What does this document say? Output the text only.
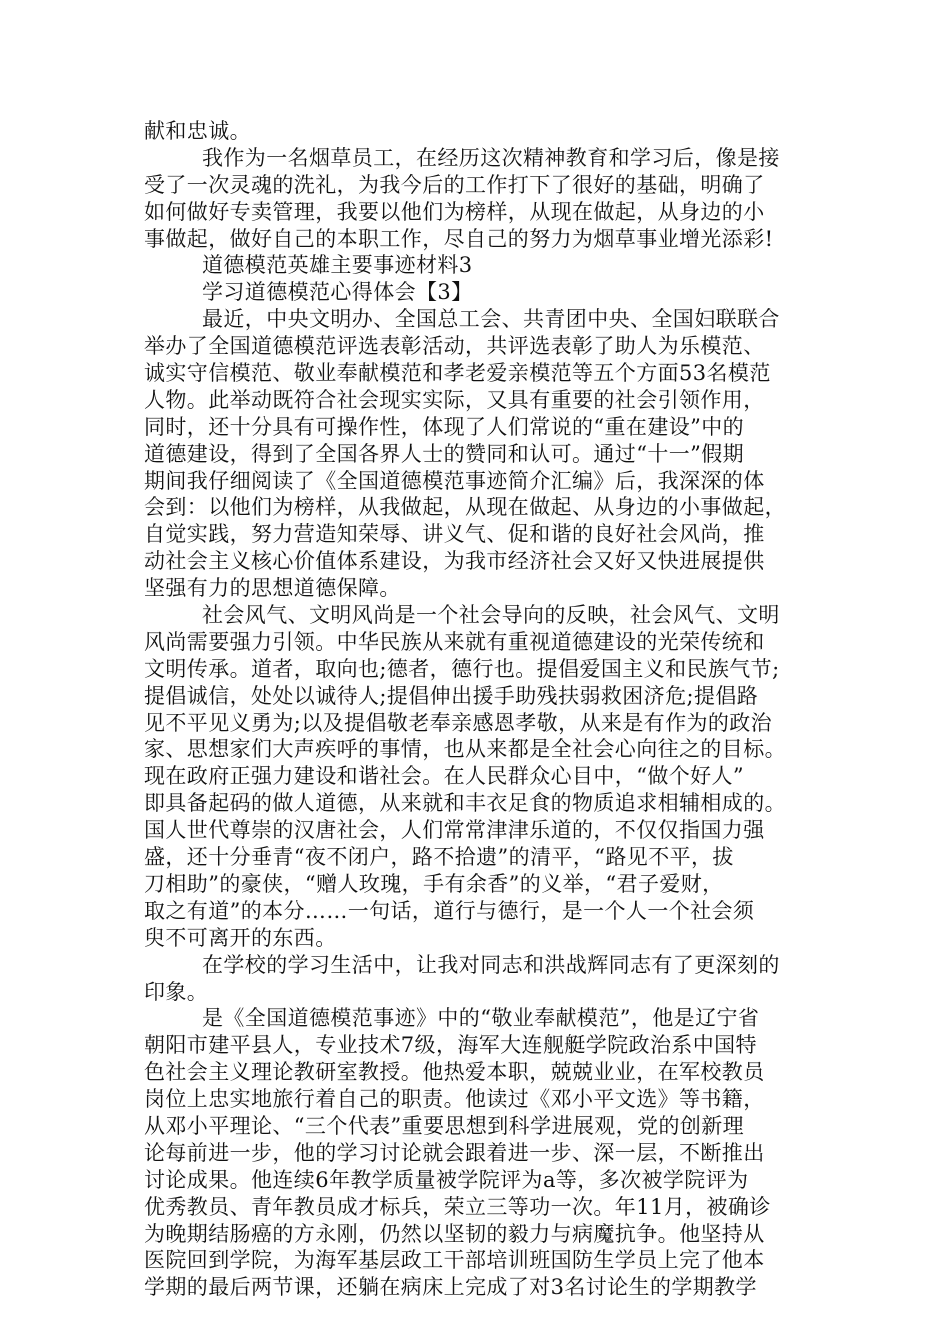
献和忠诚。
我作为一名烟草员工，在经历这次精神教育和学习后，像是接
受了一次灵魂的洗礼，为我今后的工作打下了很好的基础，明确了
如何做好专卖管理，我要以他们为榜样，从现在做起，从身边的小
事做起，做好自己的本职工作，尽自己的努力为烟草事业增光添彩!
道德模范英雄主要事迹材料3
学习道德模范心得体会【3】
最近，中央文明办、全国总工会、共青团中央、全国妇联联合
举办了全国道德模范评选表彰活动，共评选表彰了助人为乐模范、
诚实守信模范、敬业奉献模范和孝老爱亲模范等五个方面53名模范
人物。此举动既符合社会现实实际，又具有重要的社会引领作用，
同时，还十分具有可操作性，体现了人们常说的“重在建设”中的
道德建设，得到了全国各界人士的赞同和认可。通过“十一”假期
期间我仔细阅读了《全国道德模范事迹简介汇编》后，我深深的体
会到：以他们为榜样，从我做起，从现在做起、从身边的小事做起，
自觉实践，努力营造知荣辱、讲义气、促和谐的良好社会风尚，推
动社会主义核心价值体系建设，为我市经济社会又好又快进展提供
坚强有力的思想道德保障。
社会风气、文明风尚是一个社会导向的反映，社会风气、文明
风尚需要强力引领。中华民族从来就有重视道德建设的光荣传统和
文明传承。道者，取向也;德者，德行也。提倡爱国主义和民族气节;
提倡诚信，处处以诚待人;提倡伸出援手助残扶弱救困济危;提倡路
见不平见义勇为;以及提倡敬老奉亲感恩孝敬，从来是有作为的政治
家、思想家们大声疾呼的事情，也从来都是全社会心向往之的目标。
现在政府正强力建设和谐社会。在人民群众心目中，“做个好人”
即具备起码的做人道德，从来就和丰衣足食的物质追求相辅相成的。
国人世代尊崇的汉唐社会，人们常常津津乐道的，不仅仅指国力强
盛，还十分垂青“夜不闭户，路不拾遗”的清平，“路见不平，拔
刀相助”的豪侠，“赠人玫瑰，手有余香”的义举，“君子爱财，
取之有道”的本分……一句话，道行与德行，是一个人一个社会须
臾不可离开的东西。
在学校的学习生活中，让我对同志和洪战辉同志有了更深刻的
印象。
是《全国道德模范事迹》中的“敬业奉献模范”，他是辽宁省
朝阳市建平县人，专业技术7级，海军大连舰艇学院政治系中国特
色社会主义理论教研室教授。他热爱本职，兢兢业业，在军校教员
岗位上忠实地旅行着自己的职责。他读过《邓小平文选》等书籍，
从邓小平理论、“三个代表”重要思想到科学进展观，党的创新理
论每前进一步，他的学习讨论就会跟着进一步、深一层，不断推出
讨论成果。他连续6年教学质量被学院评为a等，多次被学院评为
优秀教员、青年教员成才标兵，荣立三等功一次。年11月，被确诊
为晚期结肠癌的方永刚，仍然以坚韧的毅力与病魔抗争。他坚持从
医院回到学院，为海军基层政工干部培训班国防生学员上完了他本
学期的最后两节课，还躺在病床上完成了对3名讨论生的学期教学
